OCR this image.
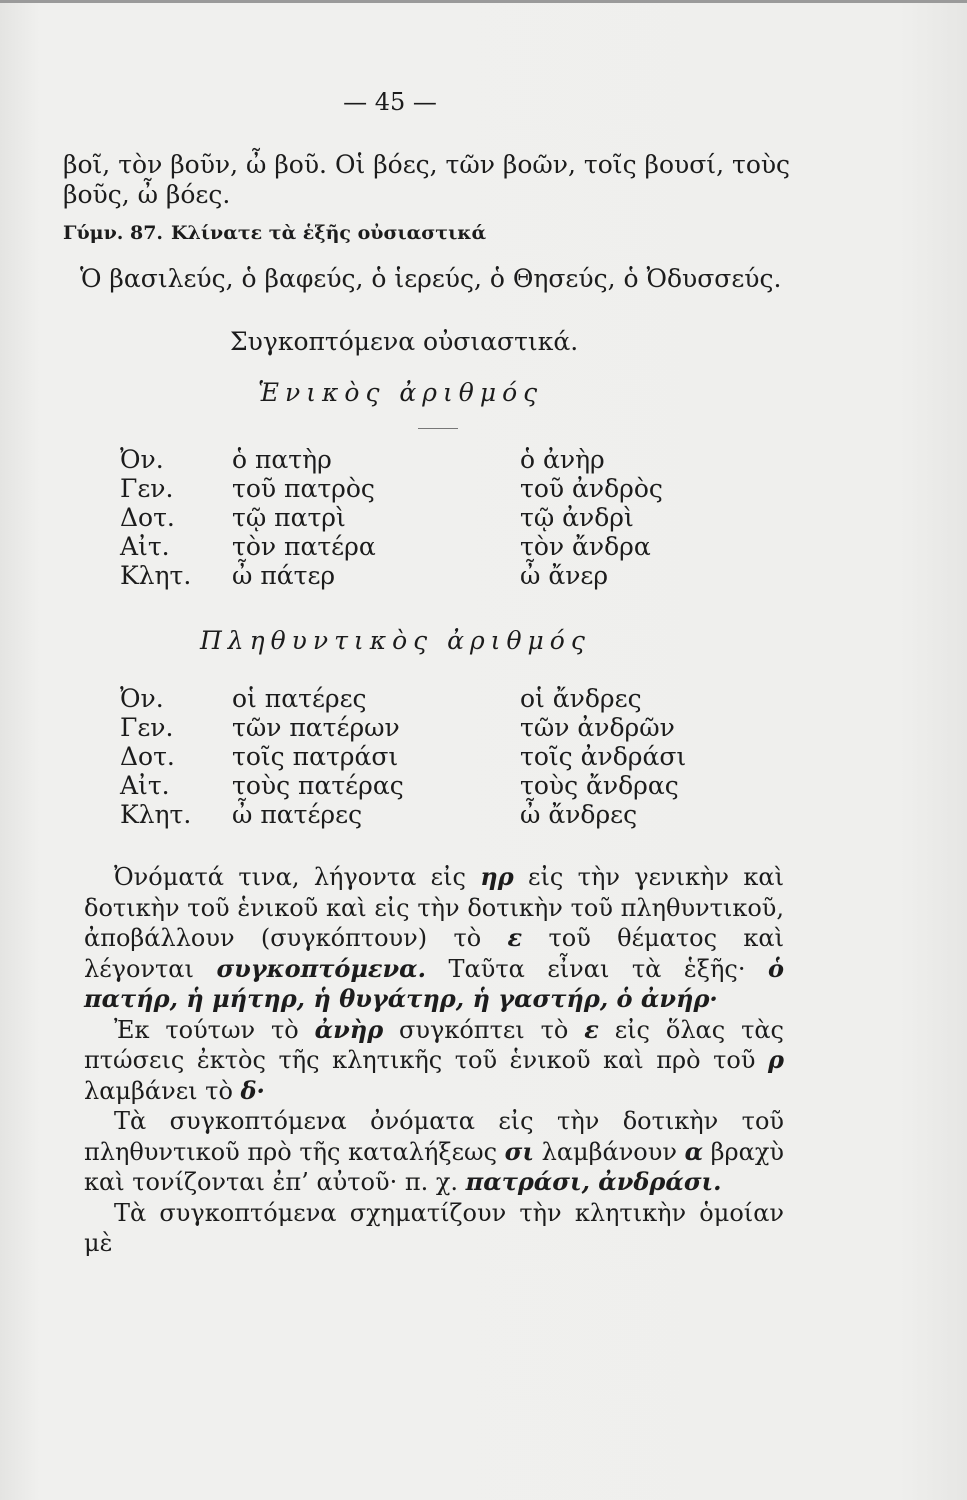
— 45 —
βοῖ, τὸν βοῦν, ὦ βοῦ. Οἱ βόες, τῶν βοῶν, τοῖς βουσί, τοὺς
βοῦς, ὦ βόες.
Γύμν. 87. Κλίνατε τὰ ἑξῆς οὐσιαστικά
Ὁ βασιλεύς, ὁ βαφεύς, ὁ ἱερεύς, ὁ Θησεύς, ὁ Ὀδυσσεύς.
Συγκοπτόμενα οὐσιαστικά.
Ἑνικὸς ἀριθμός
Ὀν.
Γεν.
Δοτ.
Αἰτ.
Κλητ.
ὁ πατὴρ
τοῦ πατρὸς
τῷ πατρὶ
τὸν πατέρα
ὦ πάτερ
ὁ ἀνὴρ
τοῦ ἀνδρὸς
τῷ ἀνδρὶ
τὸν ἄνδρα
ὦ ἄνερ
Πληθυντικὸς ἀριθμός
Ὀν.
Γεν.
Δοτ.
Αἰτ.
Κλητ.
οἱ πατέρες
τῶν πατέρων
τοῖς πατράσι
τοὺς πατέρας
ὦ πατέρες
οἱ ἄνδρες
τῶν ἀνδρῶν
τοῖς ἀνδράσι
τοὺς ἄνδρας
ὦ ἄνδρες

Ὀνόματά τινα, λήγοντα εἰς ηρ εἰς τὴν γενικὴν καὶ δοτικὴν τοῦ ἑνικοῦ καὶ εἰς τὴν δοτικὴν τοῦ πληθυντικοῦ, ἀποβάλλουν (συγκόπτουν) τὸ ε τοῦ θέματος καὶ λέγονται συγκοπτόμενα. Ταῦτα εἶναι τὰ ἑξῆς· ὁ πατήρ, ἡ μήτηρ, ἡ θυγάτηρ, ἡ γαστήρ, ὁ ἀνήρ·

Ἐκ τούτων τὸ ἀνὴρ συγκόπτει τὸ ε εἰς ὅλας τὰς πτώσεις ἐκτὸς τῆς κλητικῆς τοῦ ἑνικοῦ καὶ πρὸ τοῦ ρ λαμβάνει τὸ δ·

Τὰ συγκοπτόμενα ὀνόματα εἰς τὴν δοτικὴν τοῦ πληθυντικοῦ πρὸ τῆς καταλήξεως σι λαμβάνουν α βραχὺ καὶ τονίζονται ἐπ’ αὐτοῦ· π. χ. πατράσι, ἀνδράσι.

Τὰ συγκοπτόμενα σχηματίζουν τὴν κλητικὴν ὁμοίαν μὲ
